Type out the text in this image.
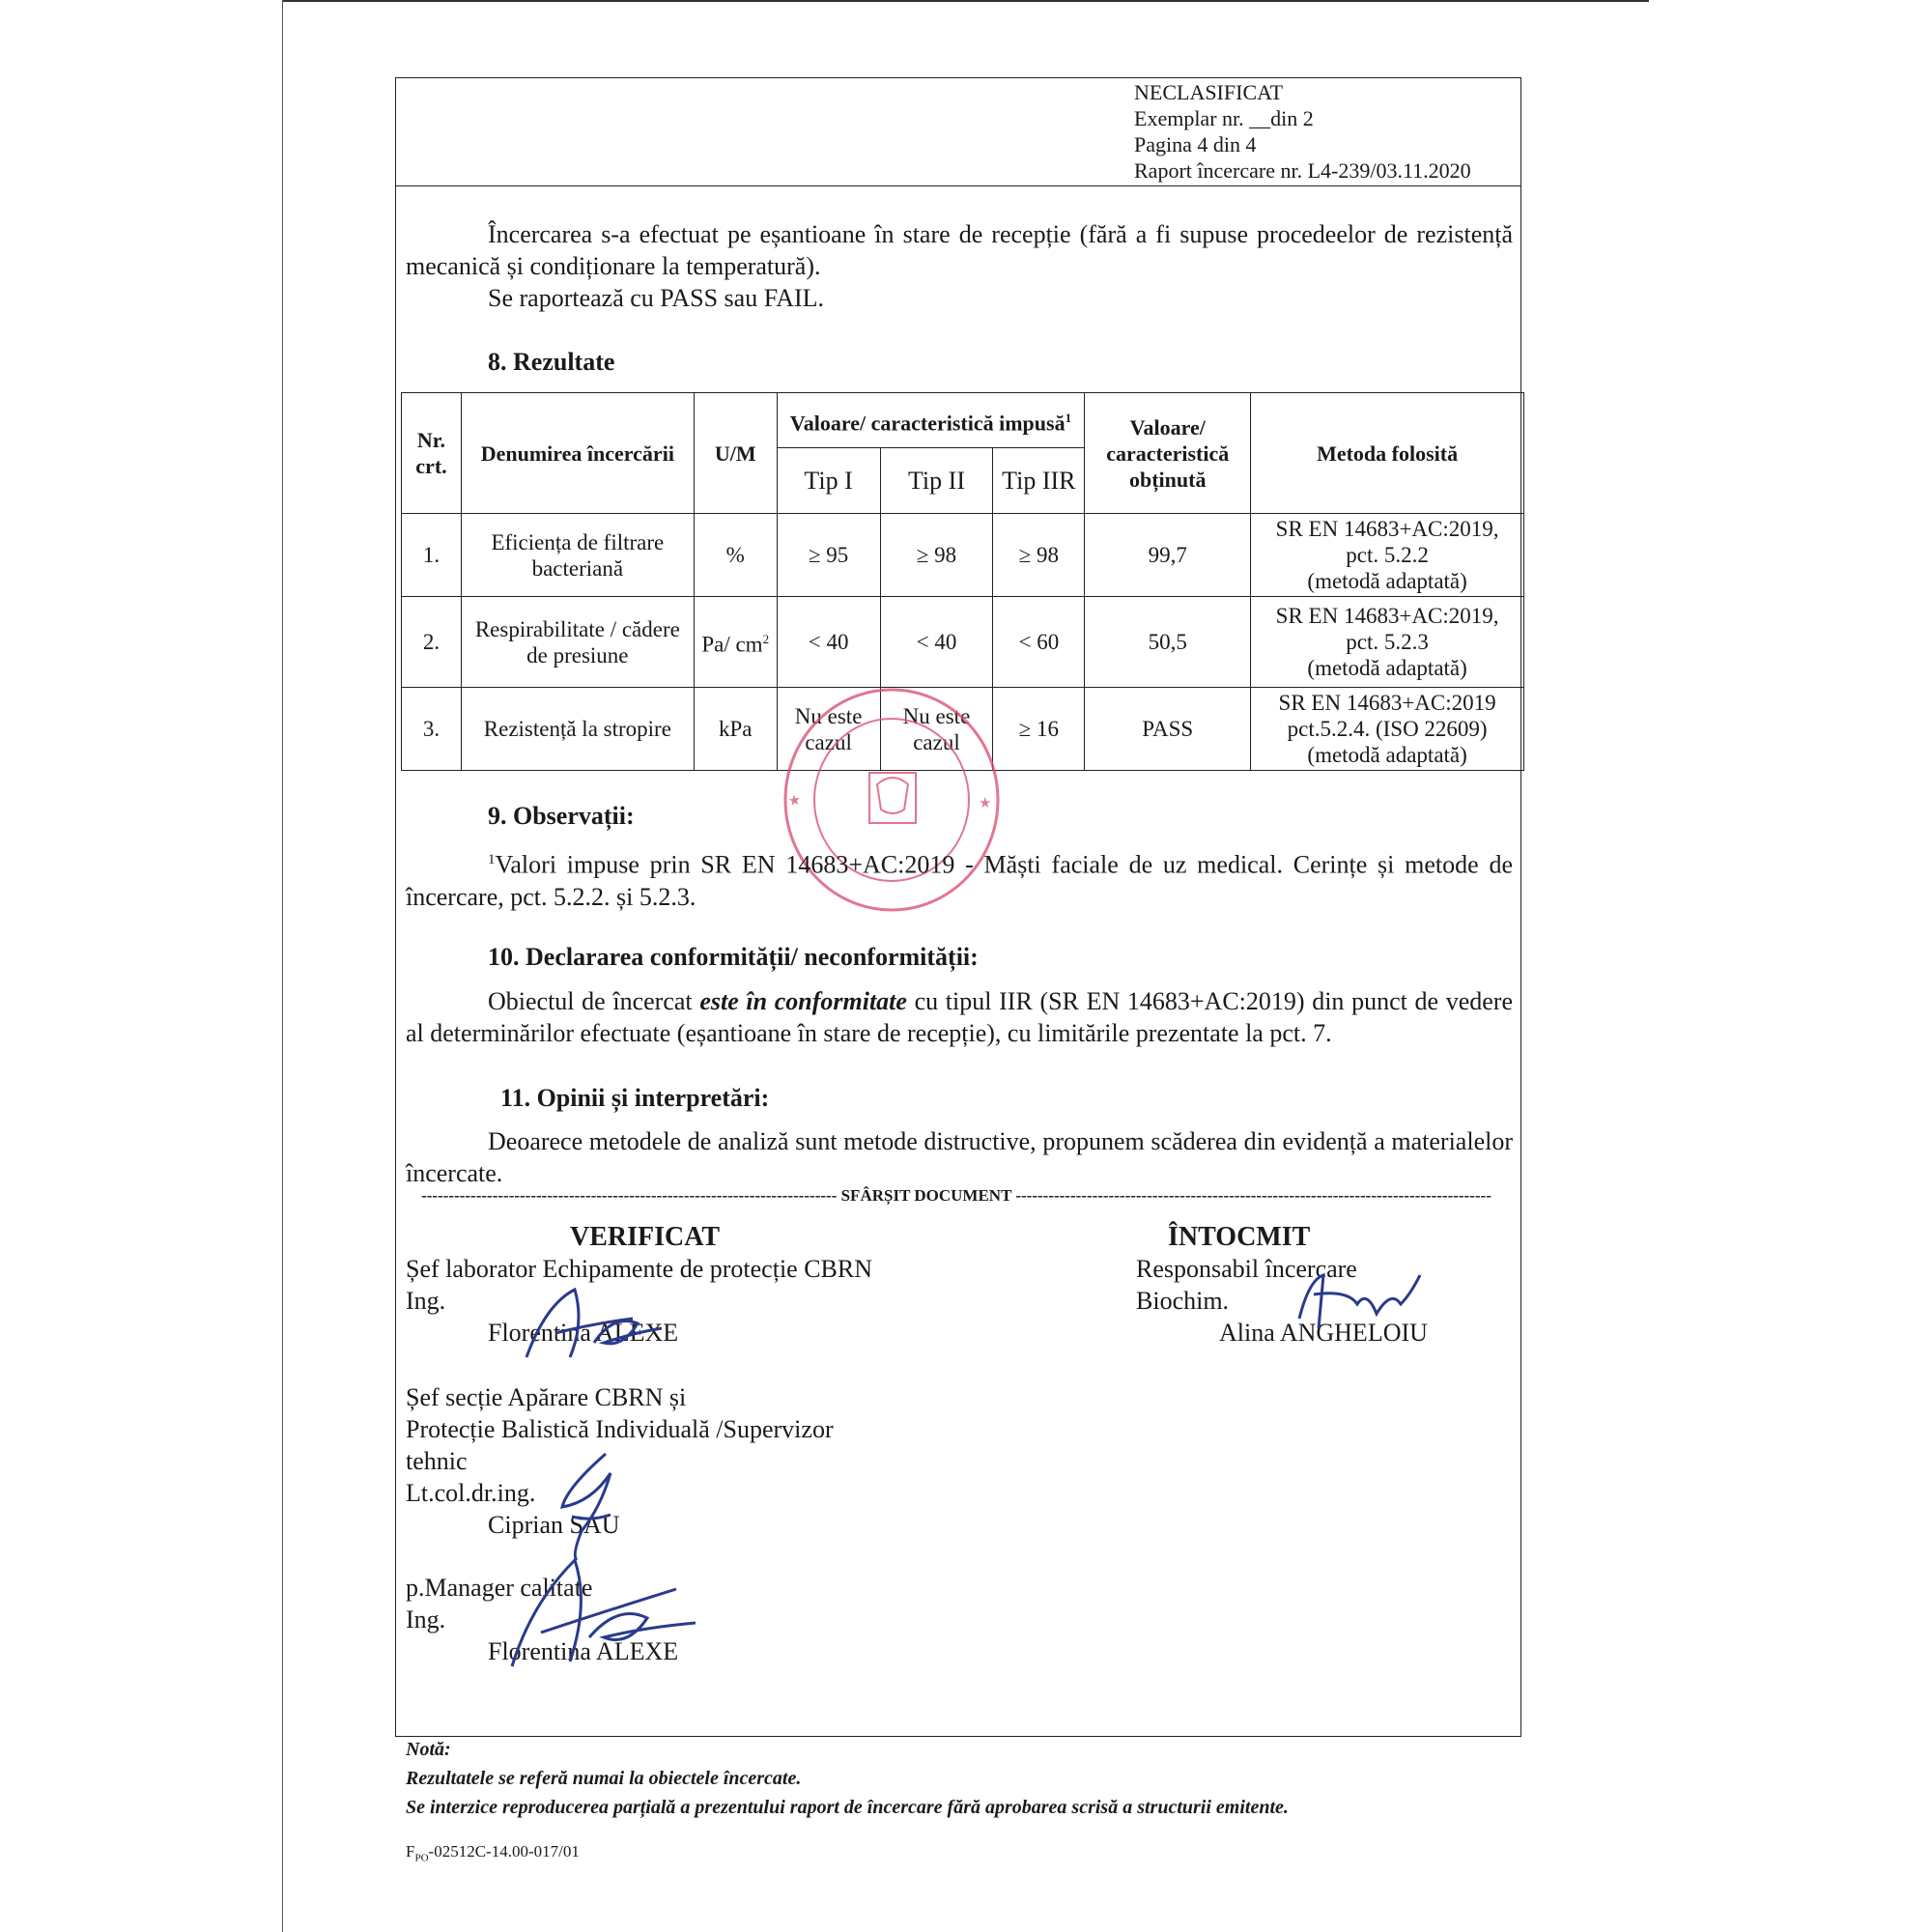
NECLASIFICAT
Exemplar nr. __din 2
Pagina 4 din 4
Raport încercare nr. L4-239/03.11.2020
Încercarea s-a efectuat pe eșantioane în stare de recepție (fără a fi supuse procedeelor de rezistență mecanică și condiționare la temperatură).
Se raportează cu PASS sau FAIL.
8. Rezultate
Nr. crt.	Denumirea încercării	U/M	Valoare/ caracteristică impusă$^1$			Valoare/ caracteristică obținută	Metoda folosită
			Tip I	Tip II	Tip IIR		
1.	Eficiența de filtrare bacteriană	%	≥ 95	≥ 98	≥ 98	99,7	SR EN 14683+AC:2019,
pct. 5.2.2
(metodă adaptată)

2.	Respirabilitate / cădere de presiune	Pa/ $cm^2$	< 40	< 40	< 60	50,5	SR EN 14683+AC:2019,
pct. 5.2.3
(metodă adaptată)

3.	Rezistență la stropire	kPa	Nu este cazul	Nu este cazul	≥ 16	PASS	SR EN 14683+AC:2019
pct.5.2.4. (ISO 22609)
(metodă adaptată)
★	★
9. Observații:
$^1$Valori impuse prin SR EN 14683+AC:2019 - Măști faciale de uz medical. Cerințe și metode de încercare, pct. 5.2.2. și 5.2.3.
10. Declararea conformității/ neconformității:
Obiectul de încercat este în conformitate cu tipul IIR (SR EN 14683+AC:2019) din punct de vedere al determinărilor efectuate (eșantioane în stare de recepție), cu limitările prezentate la pct. 7.
11. Opinii și interpretări:
Deoarece metodele de analiză sunt metode distructive, propunem scăderea din evidență a materialelor încercate.
---------------------------------------------------------------------------- SFÂRȘIT DOCUMENT ---------------------------------------------------------------------------------------
VERIFICAT
Șef laborator Echipamente de protecție CBRN
Ing.
Florentina ALEXE
ÎNTOCMIT
Responsabil încercare
Biochim.
Alina ANGHELOIU
Șef secție Apărare CBRN și
Protecție Balistică Individuală /Supervizor
tehnic
Lt.col.dr.ing.
Ciprian SAU
p.Manager calitate
Ing.
Florentina ALEXE
Notă:
Rezultatele se referă numai la obiectele încercate.
Se interzice reproducerea parțială a prezentului raport de încercare fără aprobarea scrisă a structurii emitente.
$F_{PO}-02512C-14.00-017/01$
